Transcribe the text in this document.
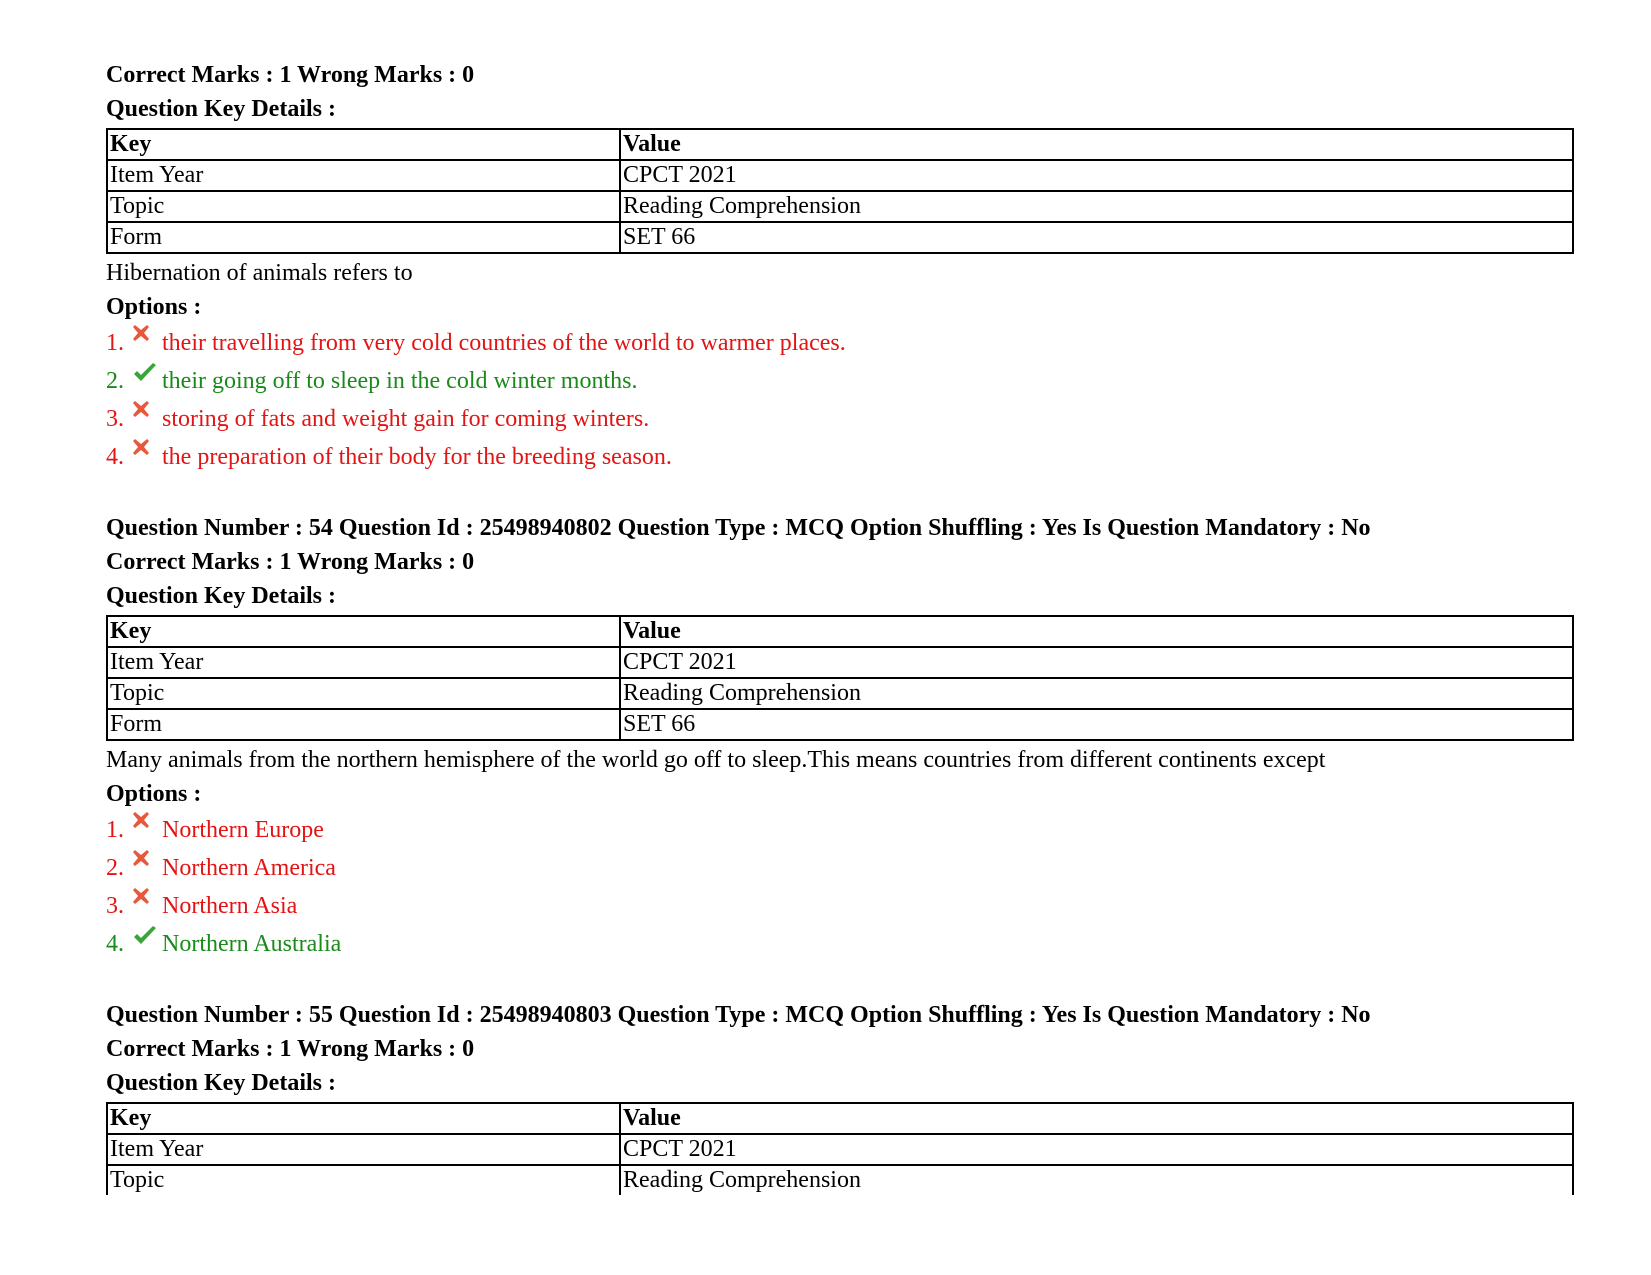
Correct Marks : 1 Wrong Marks : 0
Question Key Details :
Key	Value
Item Year	CPCT 2021
Topic	Reading Comprehension
Form	SET 66
Hibernation of animals refers to
Options :
1.	their travelling from very cold countries of the world to warmer places.
2.	their going off to sleep in the cold winter months.
3.	storing of fats and weight gain for coming winters.
4.	the preparation of their body for the breeding season.
Question Number : 54 Question Id : 25498940802 Question Type : MCQ Option Shuffling : Yes Is Question Mandatory : No
Correct Marks : 1 Wrong Marks : 0
Question Key Details :
Key	Value
Item Year	CPCT 2021
Topic	Reading Comprehension
Form	SET 66
Many animals from the northern hemisphere of the world go off to sleep.This means countries from different continents except
Options :
1.	Northern Europe
2.	Northern America
3.	Northern Asia
4.	Northern Australia
Question Number : 55 Question Id : 25498940803 Question Type : MCQ Option Shuffling : Yes Is Question Mandatory : No
Correct Marks : 1 Wrong Marks : 0
Question Key Details :
Key	Value
Item Year	CPCT 2021
Topic	Reading Comprehension
